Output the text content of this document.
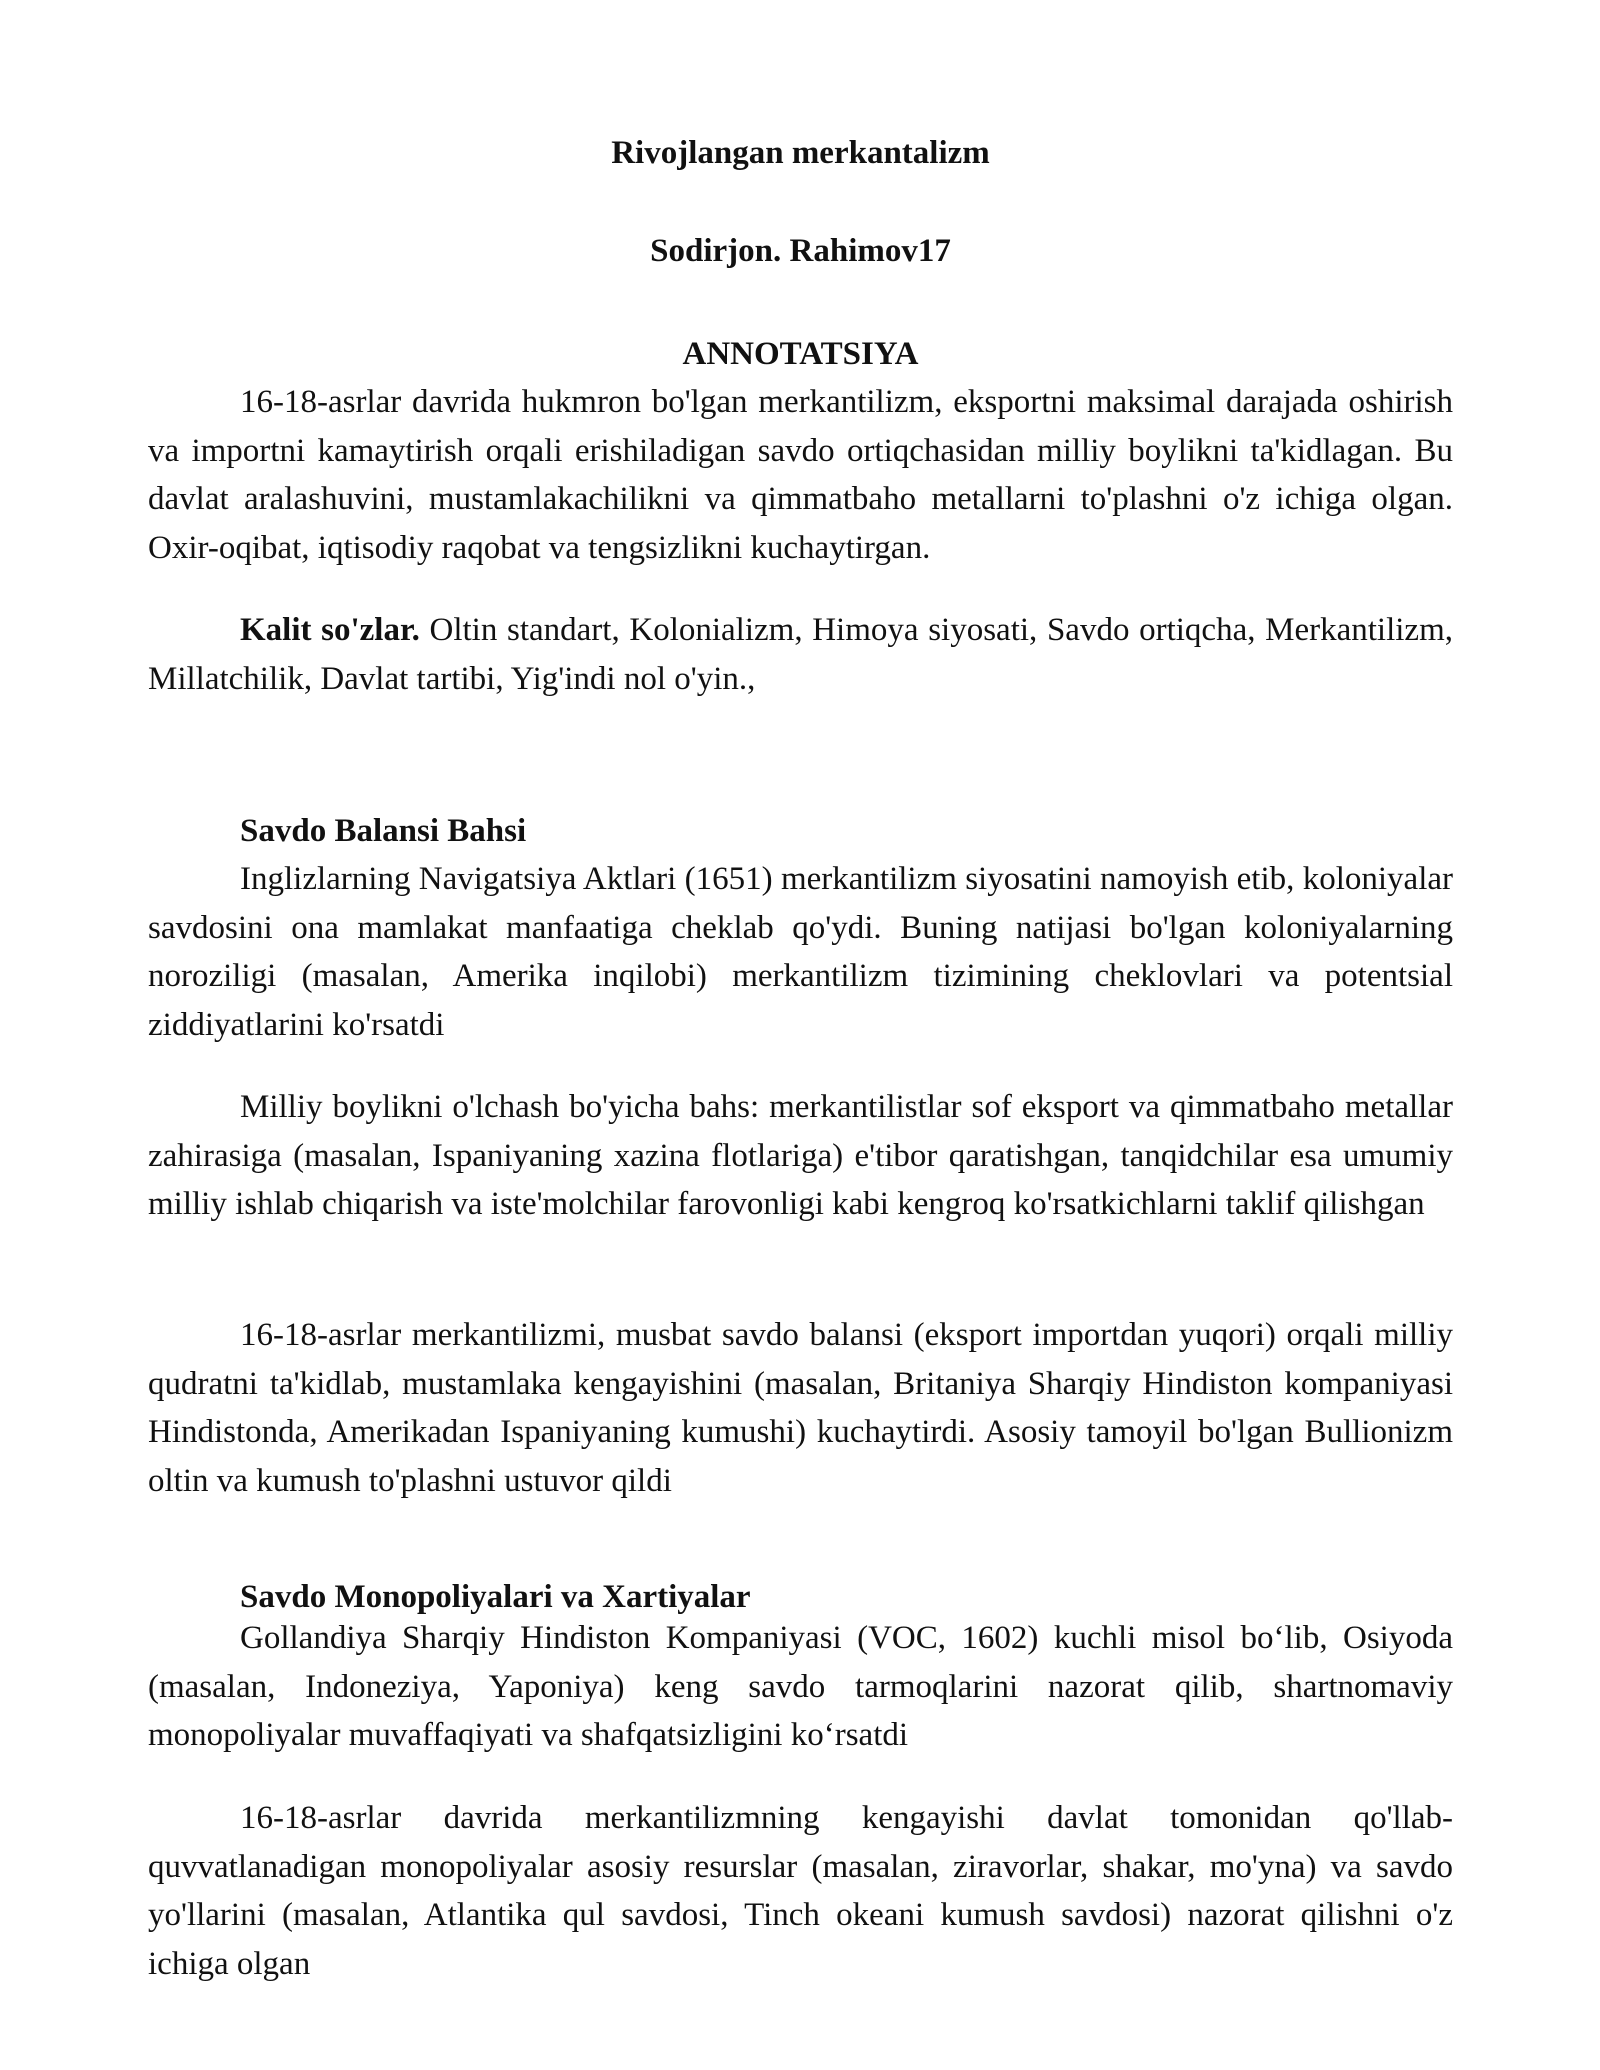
Rivojlangan merkantalizm

Sodirjon. Rahimov17

ANNOTATSIYA

16-18-asrlar davrida hukmron bo'lgan merkantilizm, eksportni maksimal darajada oshirish va importni kamaytirish orqali erishiladigan savdo ortiqchasidan milliy boylikni ta'kidlagan. Bu davlat aralashuvini, mustamlakachilikni va qimmatbaho metallarni to'plashni o'z ichiga olgan. Oxir-oqibat, iqtisodiy raqobat va tengsizlikni kuchaytirgan.

Kalit so'zlar. Oltin standart, Kolonializm, Himoya siyosati, Savdo ortiqcha, Merkantilizm, Millatchilik, Davlat tartibi, Yig'indi nol o'yin.,

Savdo Balansi Bahsi

Inglizlarning Navigatsiya Aktlari (1651) merkantilizm siyosatini namoyish etib, koloniyalar savdosini ona mamlakat manfaatiga cheklab qo'ydi. Buning natijasi bo'lgan koloniyalarning noroziligi (masalan, Amerika inqilobi) merkantilizm tizimining cheklovlari va potentsial ziddiyatlarini ko'rsatdi

Milliy boylikni o'lchash bo'yicha bahs: merkantilistlar sof eksport va qimmatbaho metallar zahirasiga (masalan, Ispaniyaning xazina flotlariga) e'tibor qaratishgan, tanqidchilar esa umumiy milliy ishlab chiqarish va iste'molchilar farovonligi kabi kengroq ko'rsatkichlarni taklif qilishgan

16-18-asrlar merkantilizmi, musbat savdo balansi (eksport importdan yuqori) orqali milliy qudratni ta'kidlab, mustamlaka kengayishini (masalan, Britaniya Sharqiy Hindiston kompaniyasi Hindistonda, Amerikadan Ispaniyaning kumushi) kuchaytirdi. Asosiy tamoyil bo'lgan Bullionizm oltin va kumush to'plashni ustuvor qildi

Savdo Monopoliyalari va Xartiyalar

Gollandiya Sharqiy Hindiston Kompaniyasi (VOC, 1602) kuchli misol bo‘lib, Osiyoda (masalan, Indoneziya, Yaponiya) keng savdo tarmoqlarini nazorat qilib, shartnomaviy monopoliyalar muvaffaqiyati va shafqatsizligini ko‘rsatdi

16-18-asrlar davrida merkantilizmning kengayishi davlat tomonidan qo'llab-quvvatlanadigan monopoliyalar asosiy resurslar (masalan, ziravorlar, shakar, mo'yna) va savdo yo'llarini (masalan, Atlantika qul savdosi, Tinch okeani kumush savdosi) nazorat qilishni o'z ichiga olgan
